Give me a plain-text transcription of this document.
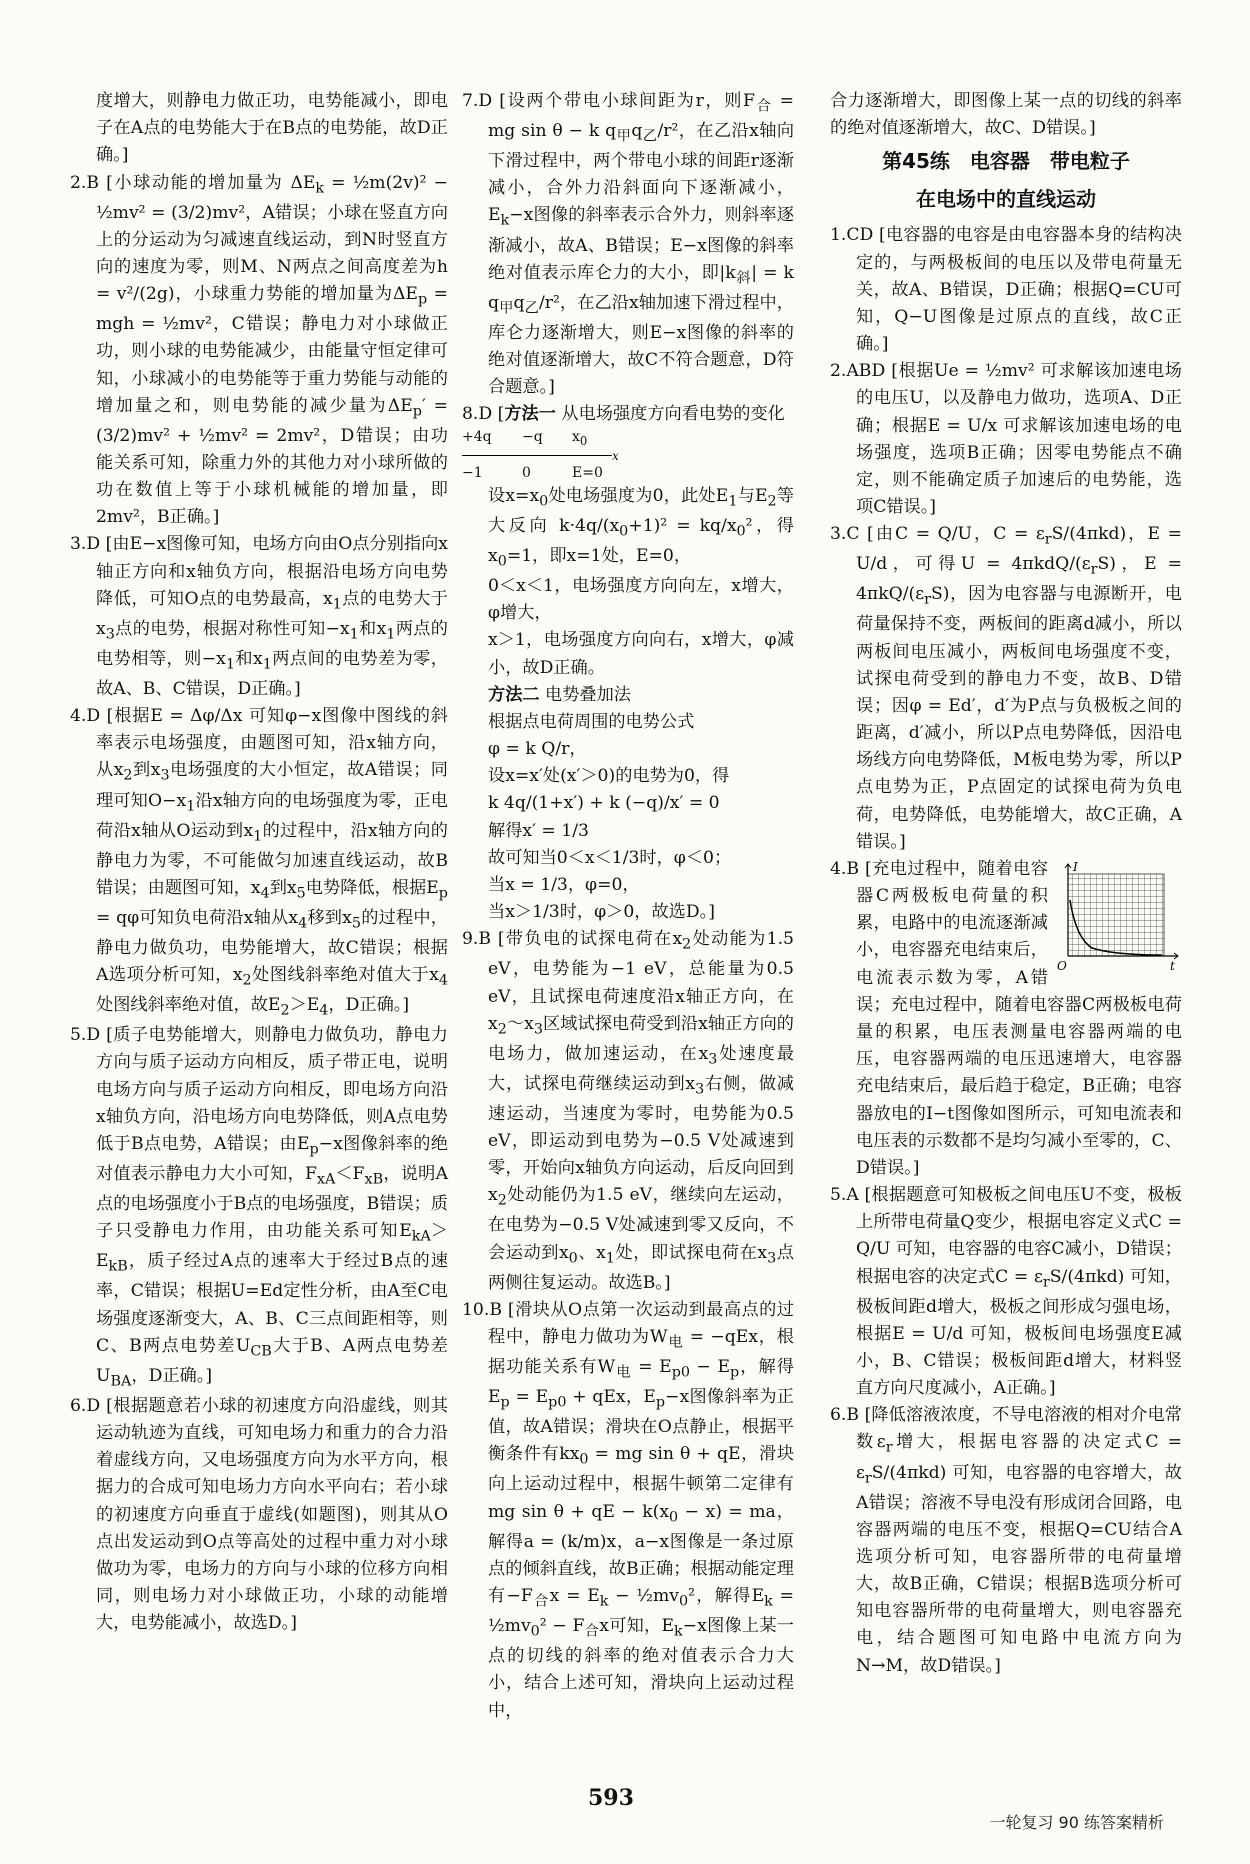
度增大，则静电力做正功，电势能减小，即电子在A点的电势能大于在B点的电势能，故D正确。]

2.B [小球动能的增加量为 $\Delta E_k$ = ½m(2v)² − ½mv² = (3/2)mv²，A错误；小球在竖直方向上的分运动为匀减速直线运动，到N时竖直方向的速度为零，则M、N两点之间高度差为h = v²/(2g)，小球重力势能的增加量为$\Delta E_p$ = mgh = ½mv²，C错误；静电力对小球做正功，则小球的电势能减少，由能量守恒定律可知，小球减小的电势能等于重力势能与动能的增加量之和，则电势能的减少量为$\Delta E_p' = (3/2)mv^2$ + ½mv² = 2mv²，D错误；由功能关系可知，除重力外的其他力对小球所做的功在数值上等于小球机械能的增加量，即2mv²，B正确。]

3.D [由E−x图像可知，电场方向由O点分别指向x轴正方向和x轴负方向，根据沿电场方向电势降低，可知O点的电势最高，$x_1$点的电势大于$x_3$点的电势，根据对称性可知$-x_1$和$x_1$两点的电势相等，则$-x_1$和$x_1$两点间的电势差为零，故A、B、C错误，D正确。]

4.D [根据E = Δφ/Δx 可知φ−x图像中图线的斜率表示电场强度，由题图可知，沿x轴方向，从$x_2$到$x_3$电场强度的大小恒定，故A错误；同理可知$O-x_1$沿x轴方向的电场强度为零，正电荷沿x轴从O运动到$x_1$的过程中，沿x轴方向的静电力为零，不可能做匀加速直线运动，故B错误；由题图可知，$x_4$到$x_5$电势降低，根据$E_p = q\varphi$可知负电荷沿x轴从$x_4$移到$x_5$的过程中，静电力做负功，电势能增大，故C错误；根据A选项分析可知，$x_2$处图线斜率绝对值大于$x_4$处图线斜率绝对值，故$E_2>E_4$，D正确。]

5.D [质子电势能增大，则静电力做负功，静电力方向与质子运动方向相反，质子带正电，说明电场方向与质子运动方向相反，即电场方向沿x轴负方向，沿电场方向电势降低，则A点电势低于B点电势，A错误；由$E_p-x$图像斜率的绝对值表示静电力大小可知，$F_{xA}<F_{xB}$，说明A点的电场强度小于B点的电场强度，B错误；质子只受静电力作用，由功能关系可知$E_{kA}>E_{kB}$，质子经过A点的速率大于经过B点的速率，C错误；根据U=Ed定性分析，由A至C电场强度逐渐变大，A、B、C三点间距相等，则C、B两点电势差$U_{CB}$大于B、A两点电势差$U_{BA}$，D正确。]

6.D [根据题意若小球的初速度方向沿虚线，则其运动轨迹为直线，可知电场力和重力的合力沿着虚线方向，又电场强度方向为水平方向，根据力的合成可知电场力方向水平向右；若小球的初速度方向垂直于虚线(如题图)，则其从O点出发运动到O点等高处的过程中重力对小球做功为零，电场力的方向与小球的位移方向相同，则电场力对小球做正功，小球的动能增大，电势能减小，故选D。]

7.D [设两个带电小球间距为r，则$F_合$ = mg sin θ − k $q_甲q_乙/r^2$，在乙沿x轴向下滑过程中，两个带电小球的间距r逐渐减小，合外力沿斜面向下逐渐减小，$E_k-x$图像的斜率表示合外力，则斜率逐渐减小，故A、B错误；E−x图像的斜率绝对值表示库仑力的大小，即$|k_斜| = k$ $q_甲q_乙/r^2$，在乙沿x轴加速下滑过程中，库仑力逐渐增大，则E−x图像的斜率的绝对值逐渐增大，故C不符合题意，D符合题意。]

8.D [方法一 从电场强度方向看电势的变化

+4q −q $x_0$
x
−1	0	E=0

设$x=x_0$处电场强度为0，此处$E_1$与$E_2$等大反向 $k\cdot 4q/(x_0+1)^2 = kq/x_0^2$，得$x_0=1$，即x=1处，E=0，

0＜x＜1，电场强度方向向左，x增大，φ增大，

x＞1，电场强度方向向右，x增大，φ减小，故D正确。

方法二 电势叠加法

根据点电荷周围的电势公式

φ = k Q/r，

设x=x′处(x′＞0)的电势为0，得

k 4q/(1+x′) + k (−q)/x′ = 0

解得x′ = 1/3

故可知当0＜x＜1/3时，φ＜0；

当x = 1/3，φ=0，

当x＞1/3时，φ＞0，故选D。]

9.B [带负电的试探电荷在$x_2$处动能为1.5 eV，电势能为−1 eV，总能量为0.5 eV，且试探电荷速度沿x轴正方向，在$x_2\sim x_3$区域试探电荷受到沿x轴正方向的电场力，做加速运动，在$x_3$处速度最大，试探电荷继续运动到$x_3$右侧，做减速运动，当速度为零时，电势能为0.5 eV，即运动到电势为−0.5 V处减速到零，开始向x轴负方向运动，后反向回到$x_2$处动能仍为1.5 eV，继续向左运动，在电势为−0.5 V处减速到零又反向，不会运动到$x_0$、$x_1$处，即试探电荷在$x_3$点两侧往复运动。故选B。]

10.B [滑块从O点第一次运动到最高点的过程中，静电力做功为$W_电 = -qEx$，根据功能关系有$W_电 = E_{p0} - E_p$，解得$E_p = E_{p0}$ + qEx，$E_p-x$图像斜率为正值，故A错误；滑块在O点静止，根据平衡条件有$kx_0$ = mg sin θ + qE，滑块向上运动过程中，根据牛顿第二定律有mg sin θ + qE − $k(x_0 - x)$ = ma，解得a = (k/m)x，a−x图像是一条过原点的倾斜直线，故B正确；根据动能定理有$-F_合x = E_k$ − $\frac{1}{2}mv_0^2$，解得$E_k$ = $\frac{1}{2}mv_0^2 - F_合x$可知，$E_k-x$图像上某一点的切线的斜率的绝对值表示合力大小，结合上述可知，滑块向上运动过程中，

合力逐渐增大，即图像上某一点的切线的斜率的绝对值逐渐增大，故C、D错误。]

第45练　电容器　带电粒子

在电场中的直线运动

1.CD [电容器的电容是由电容器本身的结构决定的，与两极板间的电压以及带电荷量无关，故A、B错误，D正确；根据Q=CU可知，Q−U图像是过原点的直线，故C正确。]

2.ABD [根据Ue = ½mv² 可求解该加速电场的电压U，以及静电力做功，选项A、D正确；根据E = U/x 可求解该加速电场的电场强度，选项B正确；因零电势能点不确定，则不能确定质子加速后的电势能，选项C错误。]

3.C [由C = Q/U，$C = \varepsilon_rS/(4\pi kd)$，E = U/d，可得$U = 4\pi kdQ/(\varepsilon_rS)$，$E = 4\pi kQ/(\varepsilon_rS)$，因为电容器与电源断开，电荷量保持不变，两板间的距离d减小，所以两板间电压减小，两板间电场强度不变，试探电荷受到的静电力不变，故B、D错误；因φ = Ed′，d′为P点与负极板之间的距离，d′减小，所以P点电势降低，因沿电场线方向电势降低，M板电势为零，所以P点电势为正，P点固定的试探电荷为负电荷，电势降低，电势能增大，故C正确，A错误。]

I
t
O
4.B [充电过程中，随着电容器C两极板电荷量的积累，电路中的电流逐渐减小，电容器充电结束后，电流表示数为零，A错误；充电过程中，随着电容器C两极板电荷量的积累，电压表测量电容器两端的电压，电容器两端的电压迅速增大，电容器充电结束后，最后趋于稳定，B正确；电容器放电的I−t图像如图所示，可知电流表和电压表的示数都不是均匀减小至零的，C、D错误。]

5.A [根据题意可知极板之间电压U不变，极板上所带电荷量Q变少，根据电容定义式C = Q/U 可知，电容器的电容C减小，D错误；根据电容的决定式$C = \varepsilon_rS/(4\pi kd)$ 可知，极板间距d增大，极板之间形成匀强电场，根据E = U/d 可知，极板间电场强度E减小，B、C错误；极板间距d增大，材料竖直方向尺度减小，A正确。]

6.B [降低溶液浓度，不导电溶液的相对介电常数$\varepsilon_r$增大，根据电容器的决定式$C = \varepsilon_rS/(4\pi kd)$ 可知，电容器的电容增大，故A错误；溶液不导电没有形成闭合回路，电容器两端的电压不变，根据Q=CU结合A选项分析可知，电容器所带的电荷量增大，故B正确，C错误；根据B选项分析可知电容器所带的电荷量增大，则电容器充电，结合题图可知电路中电流方向为N→M，故D错误。]

593
一轮复习 90 练答案精析
